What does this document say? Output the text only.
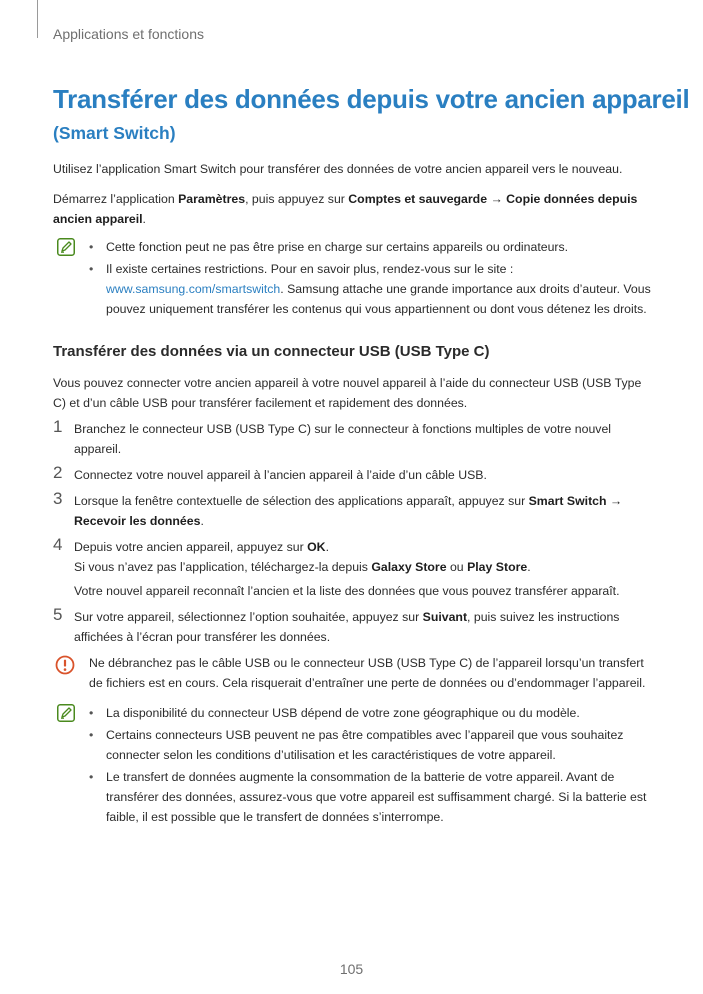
Applications et fonctions
Transférer des données depuis votre ancien appareil
(Smart Switch)

Utilisez l’application Smart Switch pour transférer des données de votre ancien appareil vers le nouveau.

Démarrez l’application Paramètres, puis appuyez sur Comptes et sauvegarde → Copie données depuis ancien appareil.

• Cette fonction peut ne pas être prise en charge sur certains appareils ou ordinateurs.
• Il existe certaines restrictions. Pour en savoir plus, rendez-vous sur le site : www.samsung.com/smartswitch. Samsung attache une grande importance aux droits d’auteur. Vous pouvez uniquement transférer les contenus qui vous appartiennent ou dont vous détenez les droits.
Transférer des données via un connecteur USB (USB Type C)

Vous pouvez connecter votre ancien appareil à votre nouvel appareil à l’aide du connecteur USB (USB Type C) et d’un câble USB pour transférer facilement et rapidement des données.

1 Branchez le connecteur USB (USB Type C) sur le connecteur à fonctions multiples de votre nouvel appareil.
2 Connectez votre nouvel appareil à l’ancien appareil à l’aide d’un câble USB.
3 Lorsque la fenêtre contextuelle de sélection des applications apparaît, appuyez sur Smart Switch → Recevoir les données.
4 Depuis votre ancien appareil, appuyez sur OK.
Si vous n’avez pas l’application, téléchargez-la depuis Galaxy Store ou Play Store.
Votre nouvel appareil reconnaît l’ancien et la liste des données que vous pouvez transférer apparaît.
5 Sur votre appareil, sélectionnez l’option souhaitée, appuyez sur Suivant, puis suivez les instructions affichées à l’écran pour transférer les données.
Ne débranchez pas le câble USB ou le connecteur USB (USB Type C) de l’appareil lorsqu’un transfert de fichiers est en cours. Cela risquerait d’entraîner une perte de données ou d’endommager l’appareil.
• La disponibilité du connecteur USB dépend de votre zone géographique ou du modèle.
• Certains connecteurs USB peuvent ne pas être compatibles avec l’appareil que vous souhaitez connecter selon les conditions d’utilisation et les caractéristiques de votre appareil.
• Le transfert de données augmente la consommation de la batterie de votre appareil. Avant de transférer des données, assurez-vous que votre appareil est suffisamment chargé. Si la batterie est faible, il est possible que le transfert de données s’interrompe.
105
